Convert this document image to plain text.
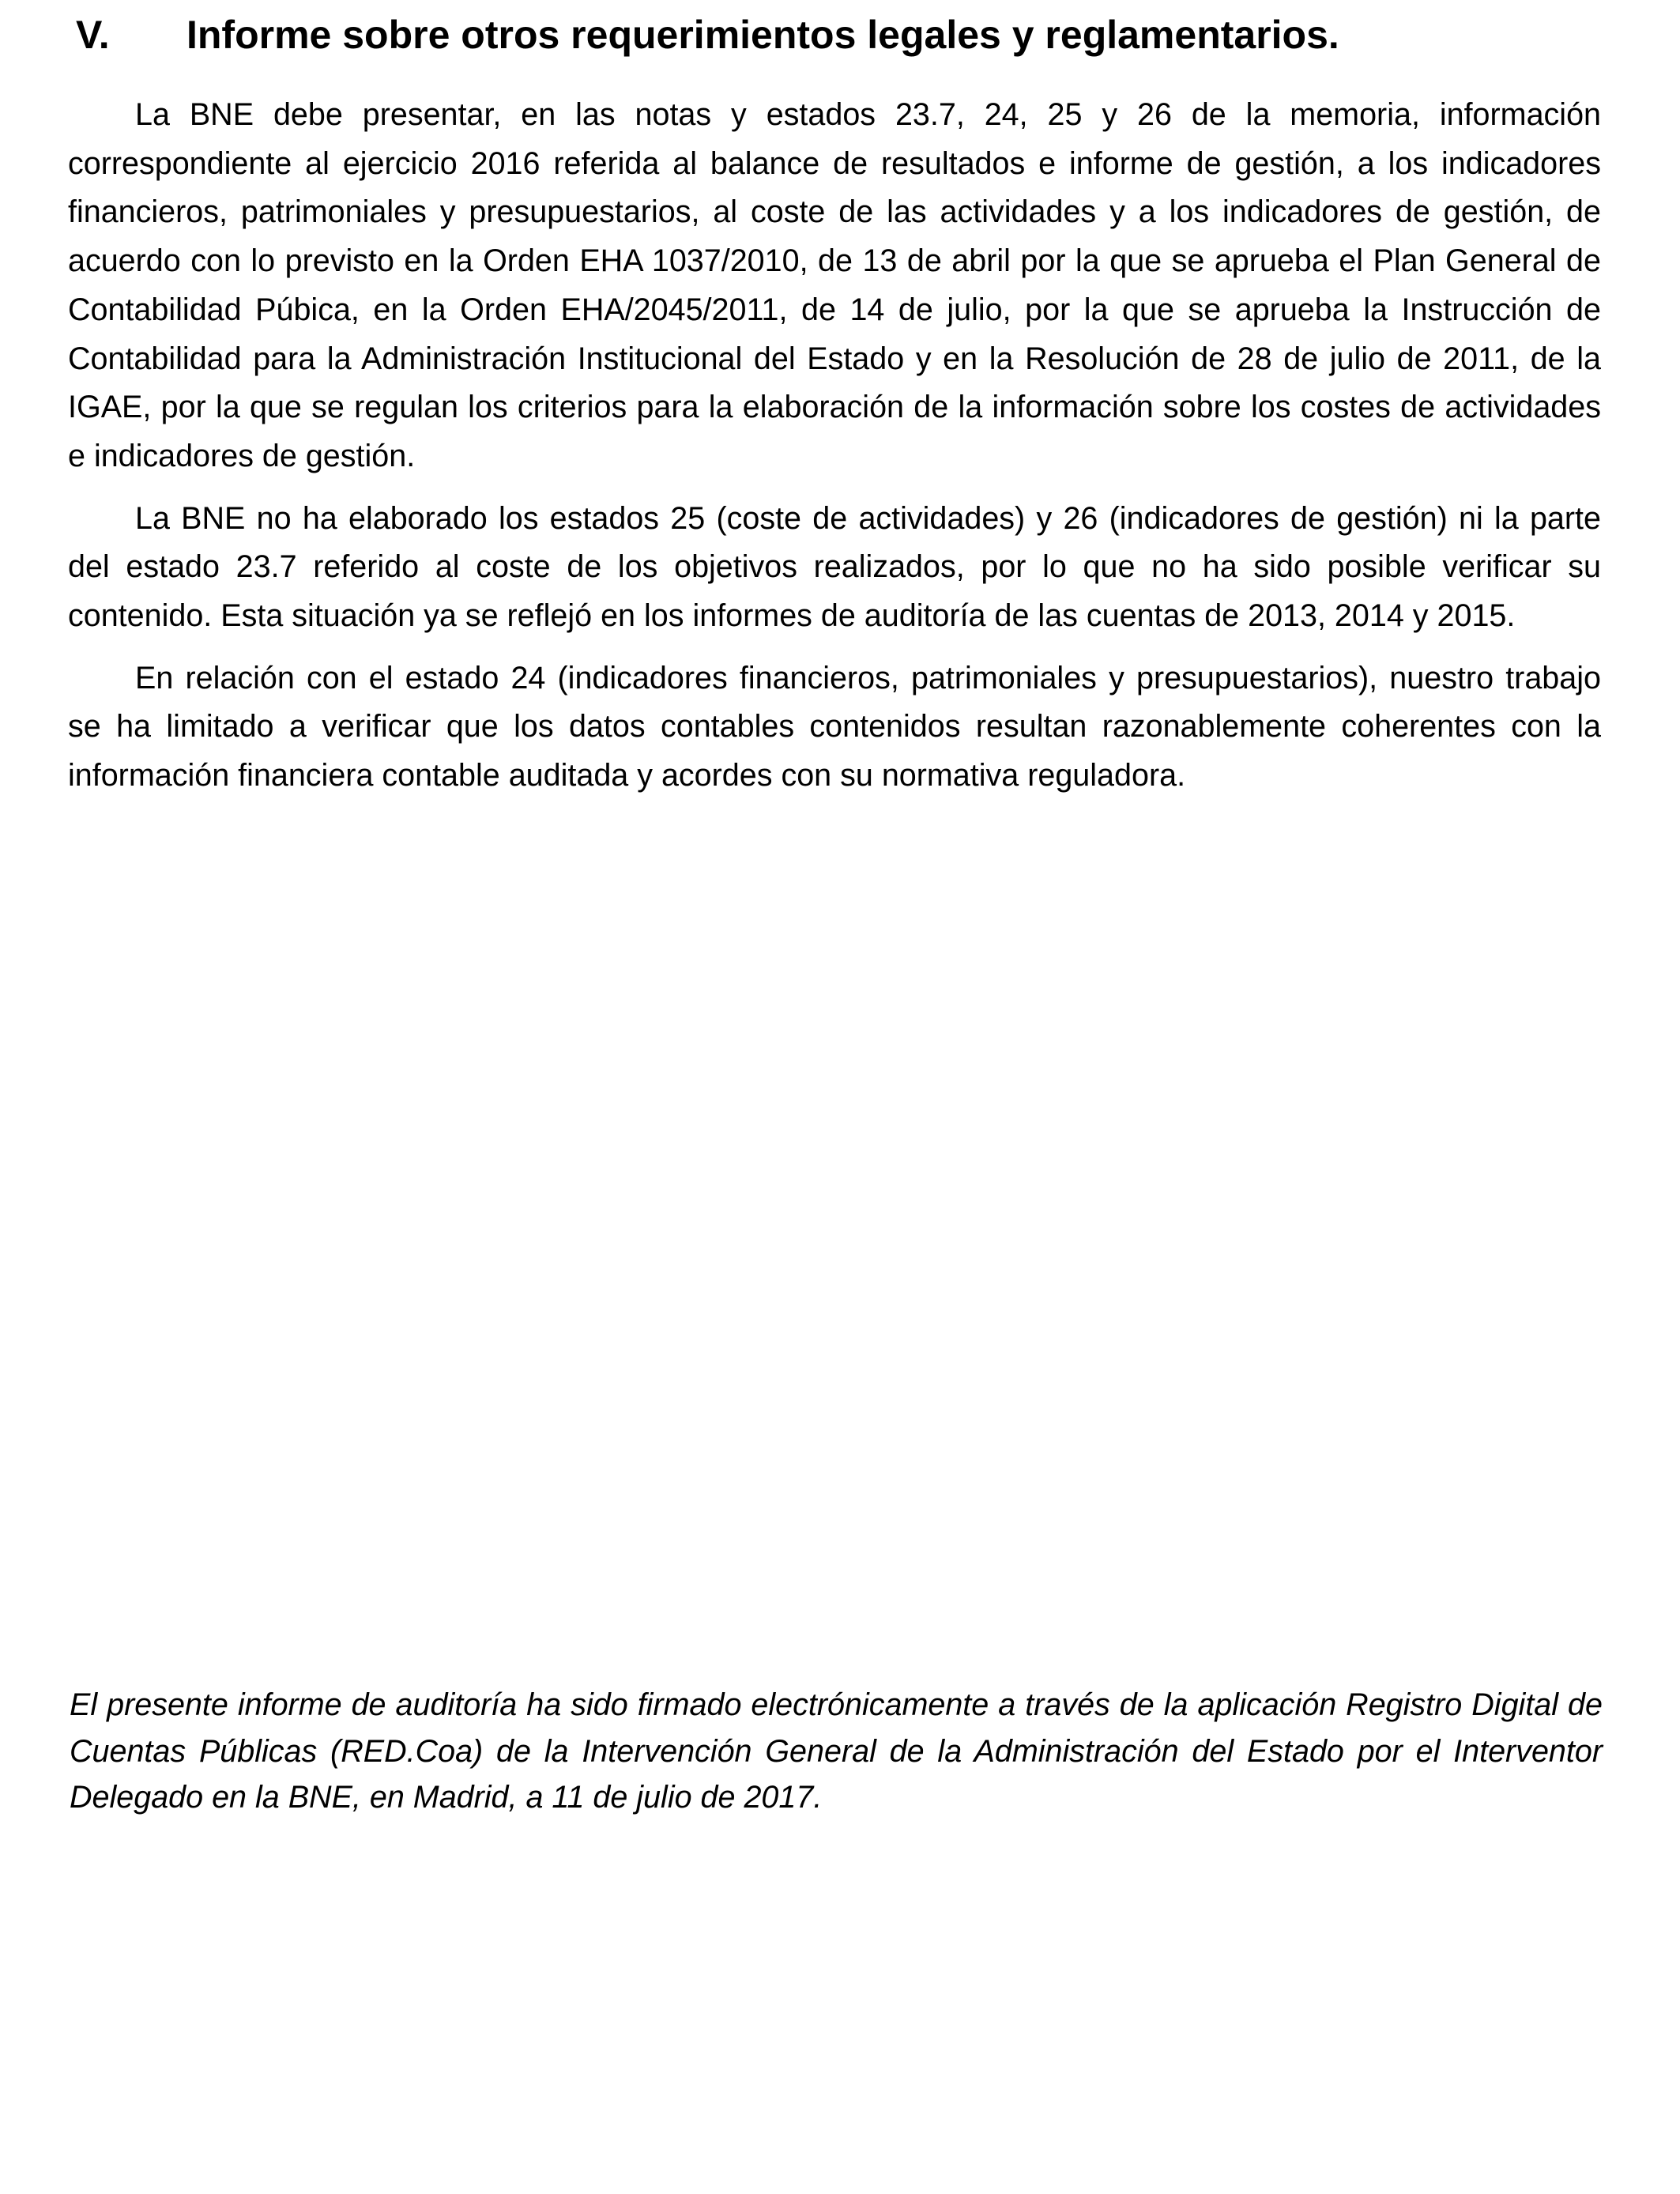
V. Informe sobre otros requerimientos legales y reglamentarios.

La BNE debe presentar, en las notas y estados 23.7, 24, 25 y 26 de la memoria, información correspondiente al ejercicio 2016 referida al balance de resultados e informe de gestión, a los indicadores financieros, patrimoniales y presupuestarios, al coste de las actividades y a los indicadores de gestión, de acuerdo con lo previsto en la Orden EHA 1037/2010, de 13 de abril por la que se aprueba el Plan General de Contabilidad Púbica, en la Orden EHA/2045/2011, de 14 de julio, por la que se aprueba la Instrucción de Contabilidad para la Administración Institucional del Estado y en la Resolución de 28 de julio de 2011, de la IGAE, por la que se regulan los criterios para la elaboración de la información sobre los costes de actividades e indicadores de gestión.

La BNE no ha elaborado los estados 25 (coste de actividades) y 26 (indicadores de gestión) ni la parte del estado 23.7 referido al coste de los objetivos realizados, por lo que no ha sido posible verificar su contenido. Esta situación ya se reflejó en los informes de auditoría de las cuentas de 2013, 2014 y 2015.

En relación con el estado 24 (indicadores financieros, patrimoniales y presupuestarios), nuestro trabajo se ha limitado a verificar que los datos contables contenidos resultan razonablemente coherentes con la información financiera contable auditada y acordes con su normativa reguladora.

El presente informe de auditoría ha sido firmado electrónicamente a través de la aplicación Registro Digital de Cuentas Públicas (RED.Coa) de la Intervención General de la Administración del Estado por el Interventor Delegado en la BNE, en Madrid, a 11 de julio de 2017.
